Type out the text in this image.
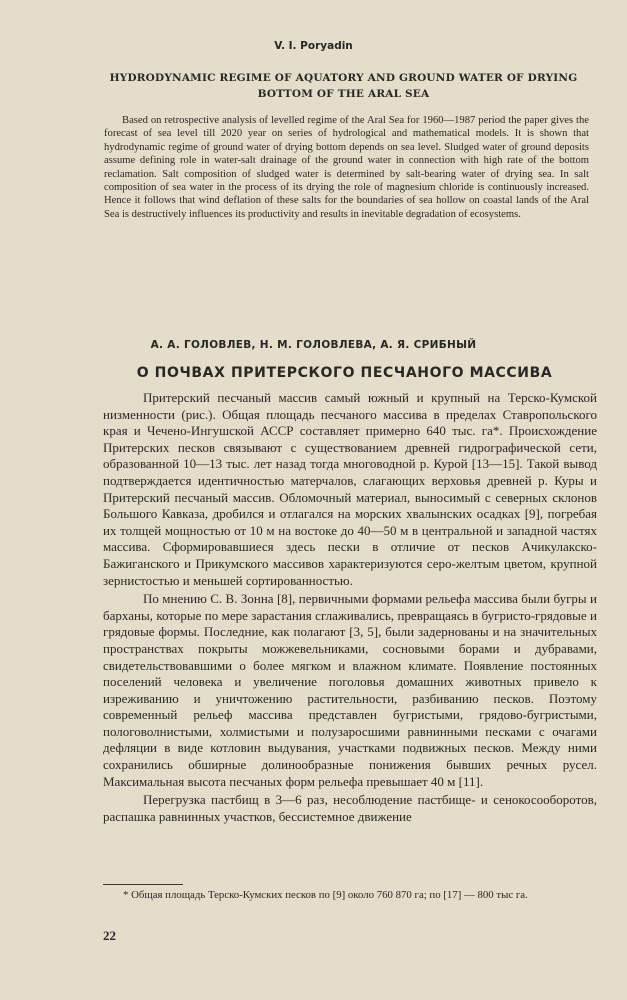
V. I. Poryadin
HYDRODYNAMIC REGIME OF AQUATORY AND GROUND WATER OF DRYING BOTTOM OF THE ARAL SEA

Based on retrospective analysis of levelled regime of the Aral Sea for 1960—1987 period the paper gives the forecast of sea level till 2020 year on series of hydrological and mathematical models. It is shown that hydrodynamic regime of ground water of drying bottom depends on sea level. Sludged water of ground deposits assume defining role in water-salt drainage of the ground water in connection with high rate of the bottom reclamation. Salt composition of sludged water is determined by salt-bearing water of drying sea. In salt composition of sea water in the process of its drying the role of magnesium chloride is continuously increased. Hence it follows that wind deflation of these salts for the boundaries of sea hollow on coastal lands of the Aral Sea is destructively influences its productivity and results in inevitable degradation of ecosystems.

А. А. ГОЛОВЛЕВ, Н. М. ГОЛОВЛЕВА, А. Я. СРИБНЫЙ
О ПОЧВАХ ПРИТЕРСКОГО ПЕСЧАНОГО МАССИВА

Притерский песчаный массив самый южный и крупный на Терско-Кумской низменности (рис.). Общая площадь песчаного массива в пределах Ставропольского края и Чечено-Ингушской АССР составляет примерно 640 тыс. га*. Происхождение Притерских песков связывают с существованием древней гидрографической сети, образованной 10—13 тыс. лет назад тогда многоводной р. Курой [13—15]. Такой вывод подтверждается идентичностью матерчалов, слагающих верховья древней р. Куры и Притерский песчаный массив. Обломочный материал, выносимый с северных склонов Большого Кавказа, дробился и отлагался на морских хвалынских осадках [9], погребая их толщей мощностью от 10 м на востоке до 40—50 м в центральной и западной частях массива. Сформировавшиеся здесь пески в отличие от песков Ачикулакско-Бажиганского и Прикумского массивов характеризуются серо-желтым цветом, крупной зернистостью и меньшей сортированностью.

По мнению С. В. Зонна [8], первичными формами рельефа массива были бугры и барханы, которые по мере зарастания сглаживались, превращаясь в бугристо-грядовые и грядовые формы. Последние, как полагают [3, 5], были задернованы и на значительных пространствах покрыты можжевельниками, сосновыми борами и дубравами, свидетельствовавшими о более мягком и влажном климате. Появление постоянных поселений человека и увеличение поголовья домашних животных привело к изреживанию и уничтожению растительности, разбиванию песков. Поэтому современный рельеф массива представлен бугристыми, грядово-бугристыми, пологоволнистыми, холмистыми и полузаросшими равнинными песками с очагами дефляции в виде котловин выдувания, участками подвижных песков. Между ними сохранились обширные долинообразные понижения бывших речных русел. Максимальная высота песчаных форм рельефа превышает 40 м [11].

Перегрузка пастбищ в 3—6 раз, несоблюдение пастбище- и сенокосооборотов, распашка равнинных участков, бессистемное движение

* Общая площадь Терско-Кумских песков по [9] около 760 870 га; по [17] — 800 тыс га.

22
